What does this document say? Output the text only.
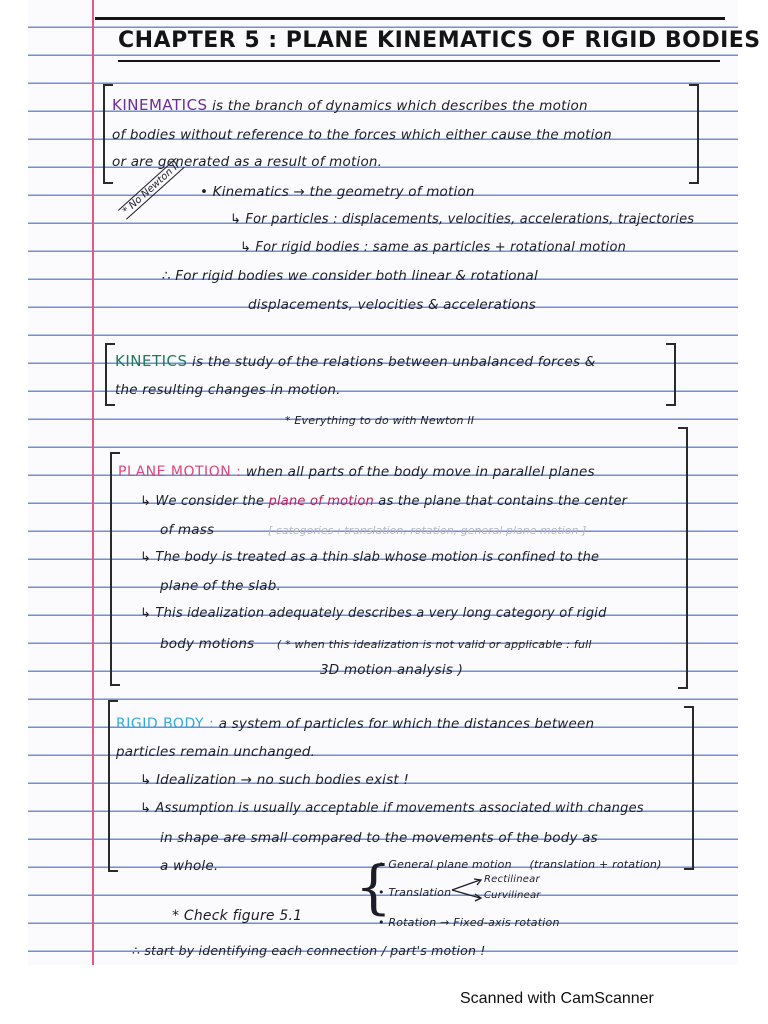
CHAPTER 5 : PLANE KINEMATICS OF RIGID BODIES
KINEMATICS is the branch of dynamics which describes the motion
of bodies without reference to the forces which either cause the motion
or are generated as a result of motion.
* No Newton II • Kinematics → the geometry of motion
↳ For particles : displacements, velocities, accelerations, trajectories
↳ For rigid bodies : same as particles + rotational motion
∴ For rigid bodies we consider both linear & rotational
displacements, velocities & accelerations
KINETICS is the study of the relations between unbalanced forces &
the resulting changes in motion.
* Everything to do with Newton II
PLANE MOTION : when all parts of the body move in parallel planes
↳ We consider the plane of motion as the plane that contains the center
of mass	[ categories : translation, rotation, general plane motion ]
↳ The body is treated as a thin slab whose motion is confined to the
plane of the slab.
↳ This idealization adequately describes a very long category of rigid
body motions ( * when this idealization is not valid or applicable : full
3D motion analysis )
RIGID BODY : a system of particles for which the distances between
particles remain unchanged.
↳ Idealization → no such bodies exist !
↳ Assumption is usually acceptable if movements associated with changes
in shape are small compared to the movements of the body as
a whole.
* Check figure 5.1 {
• General plane motion (translation + rotation)
• Translation
Rectilinear
Curvilinear
• Rotation → Fixed-axis rotation
∴ start by identifying each connection / part's motion !
Scanned with CamScanner
